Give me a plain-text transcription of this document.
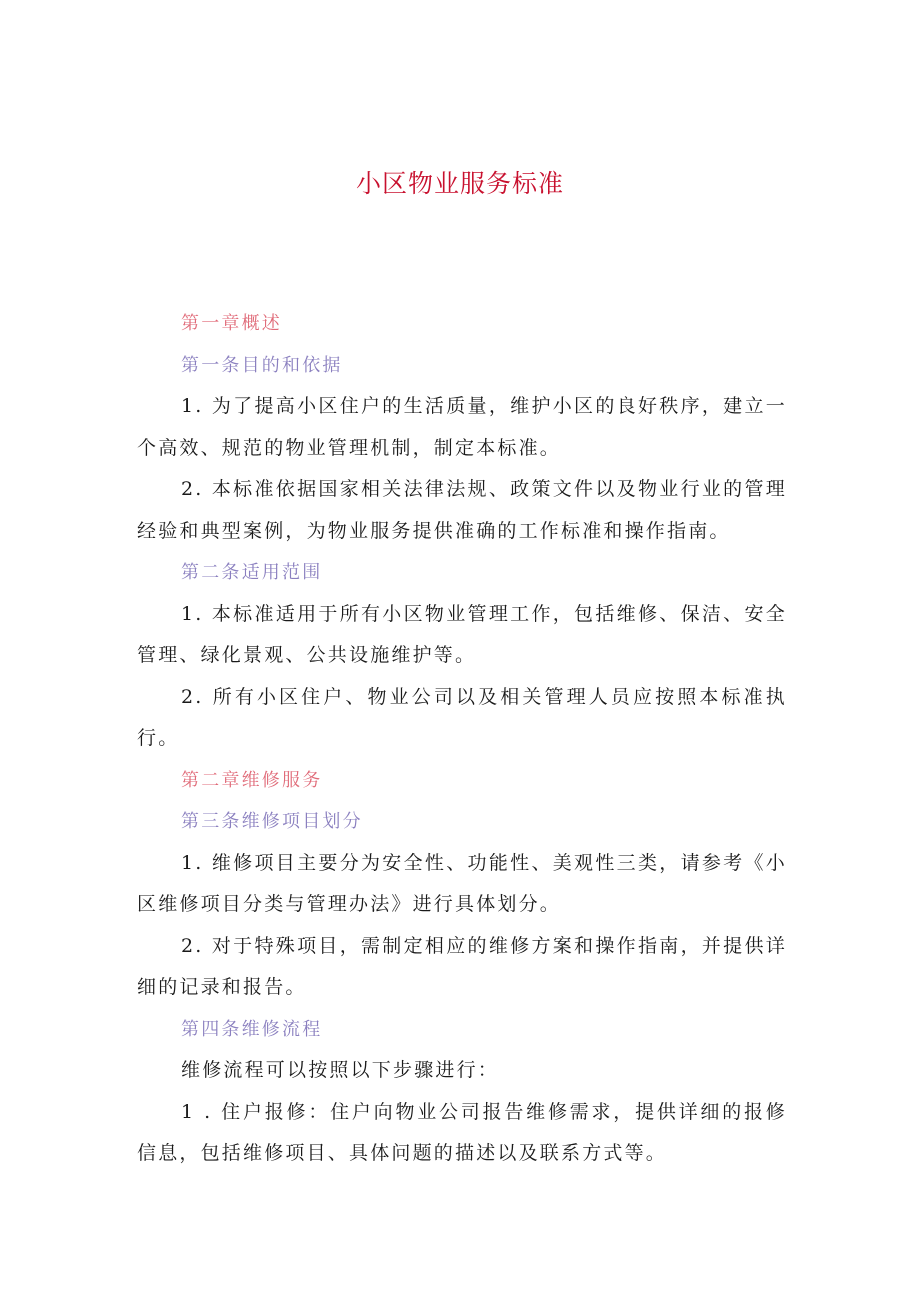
小区物业服务标准

第一章概述

第一条目的和依据

1. 为了提高小区住户的生活质量，维护小区的良好秩序，建立一个高效、规范的物业管理机制，制定本标准。

2. 本标准依据国家相关法律法规、政策文件以及物业行业的管理经验和典型案例，为物业服务提供准确的工作标准和操作指南。

第二条适用范围

1. 本标准适用于所有小区物业管理工作，包括维修、保洁、安全管理、绿化景观、公共设施维护等。

2. 所有小区住户、物业公司以及相关管理人员应按照本标准执行。

第二章维修服务

第三条维修项目划分

1. 维修项目主要分为安全性、功能性、美观性三类，请参考《小区维修项目分类与管理办法》进行具体划分。

2. 对于特殊项目，需制定相应的维修方案和操作指南，并提供详细的记录和报告。

第四条维修流程

维修流程可以按照以下步骤进行：

1 . 住户报修：住户向物业公司报告维修需求，提供详细的报修信息，包括维修项目、具体问题的描述以及联系方式等。
